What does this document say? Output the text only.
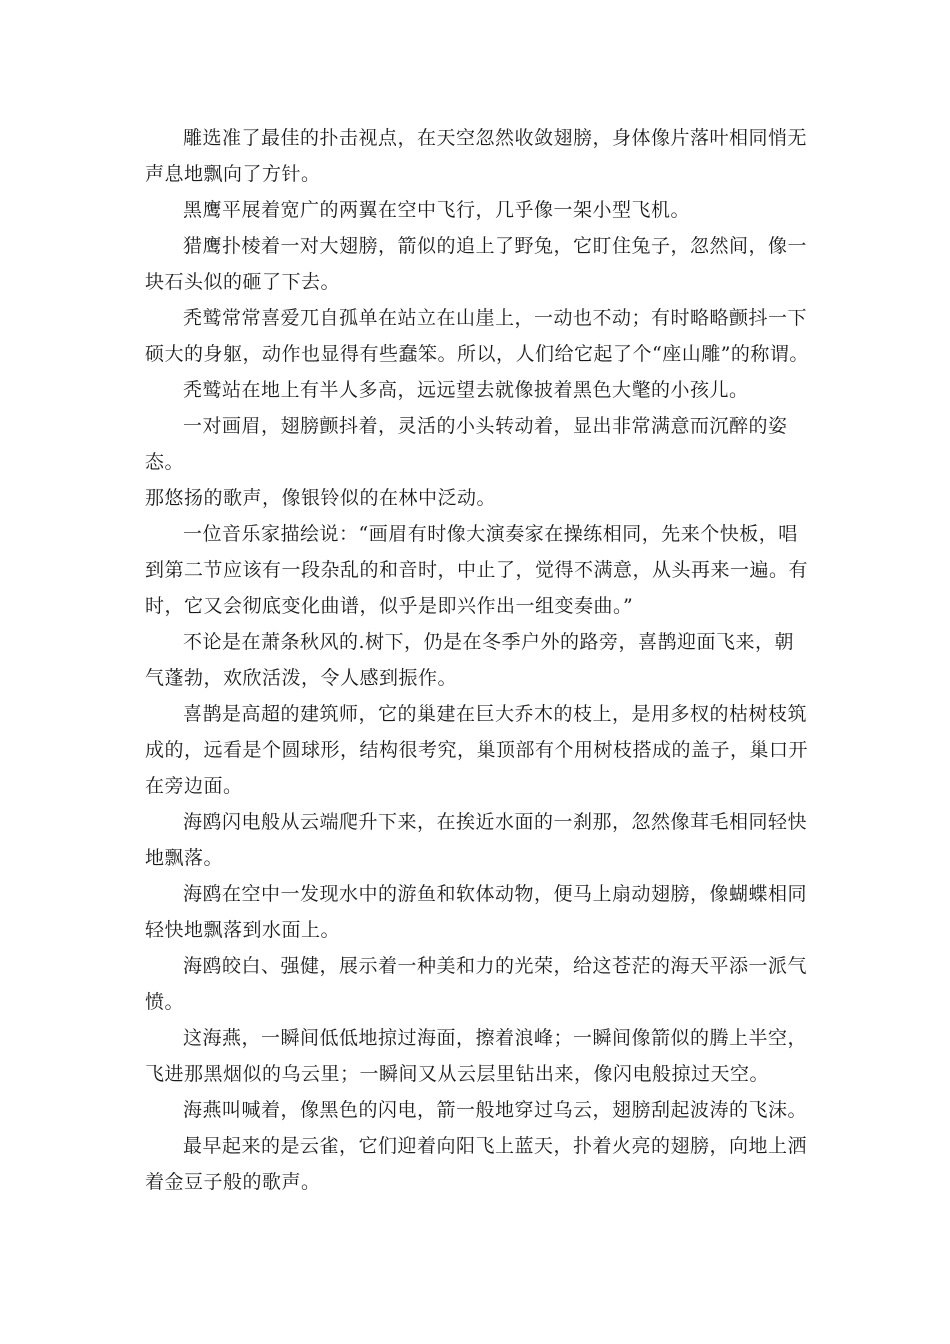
雕选准了最佳的扑击视点，在天空忽然收敛翅膀，身体像片落叶相同悄无
声息地飘向了方针。

黑鹰平展着宽广的两翼在空中飞行，几乎像一架小型飞机。

猎鹰扑棱着一对大翅膀，箭似的追上了野兔，它盯住兔子，忽然间，像一
块石头似的砸了下去。

秃鹫常常喜爱兀自孤单在站立在山崖上，一动也不动；有时略略颤抖一下
硕大的身躯，动作也显得有些蠢笨。所以，人们给它起了个“座山雕”的称谓。

秃鹫站在地上有半人多高，远远望去就像披着黑色大氅的小孩儿。

一对画眉，翅膀颤抖着，灵活的小头转动着，显出非常满意而沉醉的姿态。
那悠扬的歌声，像银铃似的在林中泛动。

一位音乐家描绘说：“画眉有时像大演奏家在操练相同，先来个快板，唱
到第二节应该有一段杂乱的和音时，中止了，觉得不满意，从头再来一遍。有
时，它又会彻底变化曲谱，似乎是即兴作出一组变奏曲。”

不论是在萧条秋风的.树下，仍是在冬季户外的路旁，喜鹊迎面飞来，朝
气蓬勃，欢欣活泼，令人感到振作。

喜鹊是高超的建筑师，它的巢建在巨大乔木的枝上，是用多杈的枯树枝筑
成的，远看是个圆球形，结构很考究，巢顶部有个用树枝搭成的盖子，巢口开
在旁边面。

海鸥闪电般从云端爬升下来，在挨近水面的一刹那，忽然像茸毛相同轻快
地飘落。

海鸥在空中一发现水中的游鱼和软体动物，便马上扇动翅膀，像蝴蝶相同
轻快地飘落到水面上。

海鸥皎白、强健，展示着一种美和力的光荣，给这苍茫的海天平添一派气
愤。

这海燕，一瞬间低低地掠过海面，擦着浪峰；一瞬间像箭似的腾上半空，
飞进那黑烟似的乌云里；一瞬间又从云层里钻出来，像闪电般掠过天空。

海燕叫喊着，像黑色的闪电，箭一般地穿过乌云，翅膀刮起波涛的飞沫。

最早起来的是云雀，它们迎着向阳飞上蓝天，扑着火亮的翅膀，向地上洒
着金豆子般的歌声。
